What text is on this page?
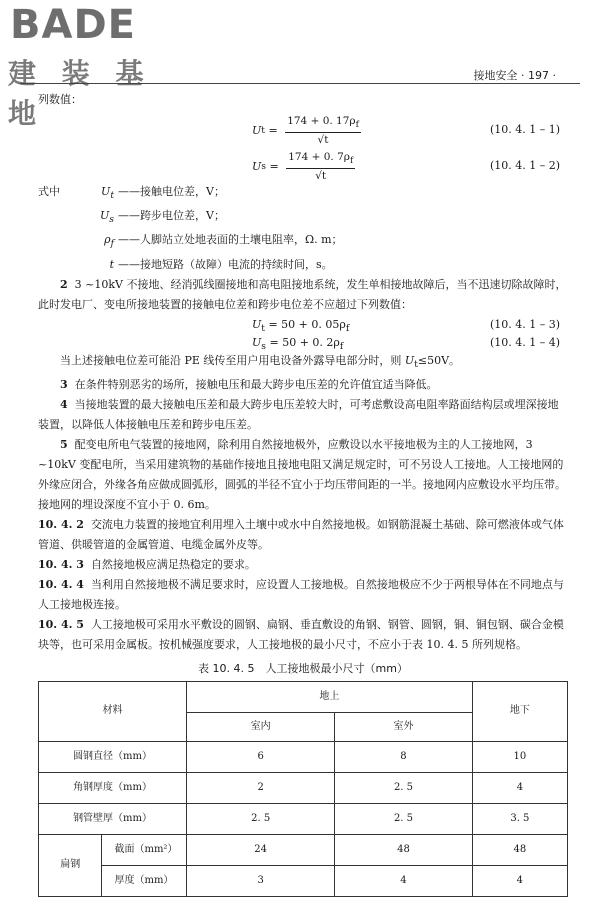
BADE
建 装 基 地
接地安全 · 197 ·

列数值：

U $t = \frac{174 + 0. 17\rho_f}{√t}$	(10. 4. 1 – 1)
U $s = \frac{174 + 0. 7\rho_f}{√t}$	(10. 4. 1 – 2)
式中	$U_t$ ——接触电位差，V；
$U_s$ ——跨步电位差，V；
$\rho_f$ ——人脚站立处地表面的土壤电阻率，Ω. m；
t ——接地短路（故障）电流的持续时间，s。

2 3 ~10kV 不接地、经消弧线圈接地和高电阻接地系统，发生单相接地故障后，当不迅速切除故障时，此时发电厂、变电所接地装置的接触电位差和跨步电位差不应超过下列数值：

$U_t = 50 + 0$. $05\rho_f$	(10. 4. 1 – 3)
$U_s = 50 + 0$. $2\rho_f$	(10. 4. 1 – 4)

当上述接触电位差可能沿 PE 线传至用户用电设备外露导电部分时，则 $U_t\le 50V$。

3 在条件特别恶劣的场所，接触电压和最大跨步电压差的允许值宜适当降低。

4 当接地装置的最大接触电压差和最大跨步电压差较大时，可考虑敷设高电阻率路面结构层或埋深接地装置，以降低人体接触电压差和跨步电压差。

5 配变电所电气装置的接地网，除利用自然接地极外，应敷设以水平接地极为主的人工接地网，3 ~10kV 变配电所，当采用建筑物的基础作接地且接地电阻又满足规定时，可不另设人工接地。人工接地网的外缘应闭合，外缘各角应做成圆弧形，圆弧的半径不宜小于均压带间距的一半。接地网内应敷设水平均压带。接地网的埋设深度不宜小于 0. 6m。

10. 4. 2 交流电力装置的接地宜利用埋入土壤中或水中自然接地极。如钢筋混凝土基础、除可燃液体或气体管道、供暖管道的金属管道、电缆金属外皮等。

10. 4. 3 自然接地极应满足热稳定的要求。

10. 4. 4 当利用自然接地极不满足要求时，应设置人工接地极。自然接地极应不少于两根导体在不同地点与人工接地极连接。

10. 4. 5 人工接地极可采用水平敷设的圆钢、扁钢、垂直敷设的角钢、钢管、圆钢，铜、铜包钢、碳合金模块等，也可采用金属板。按机械强度要求，人工接地极的最小尺寸，不应小于表 10. 4. 5 所列规格。

表 10. 4. 5　人工接地极最小尺寸（mm）
材料	地上		地下
	室内	室外	
圆钢直径（mm）	6	8	10
角钢厚度（mm）	2	2. 5	4
钢管壁厚（mm）	2. 5	2. 5	3. 5
扁钢	截面（mm²）	24	48	48
	厚度（mm）	3	4	4
